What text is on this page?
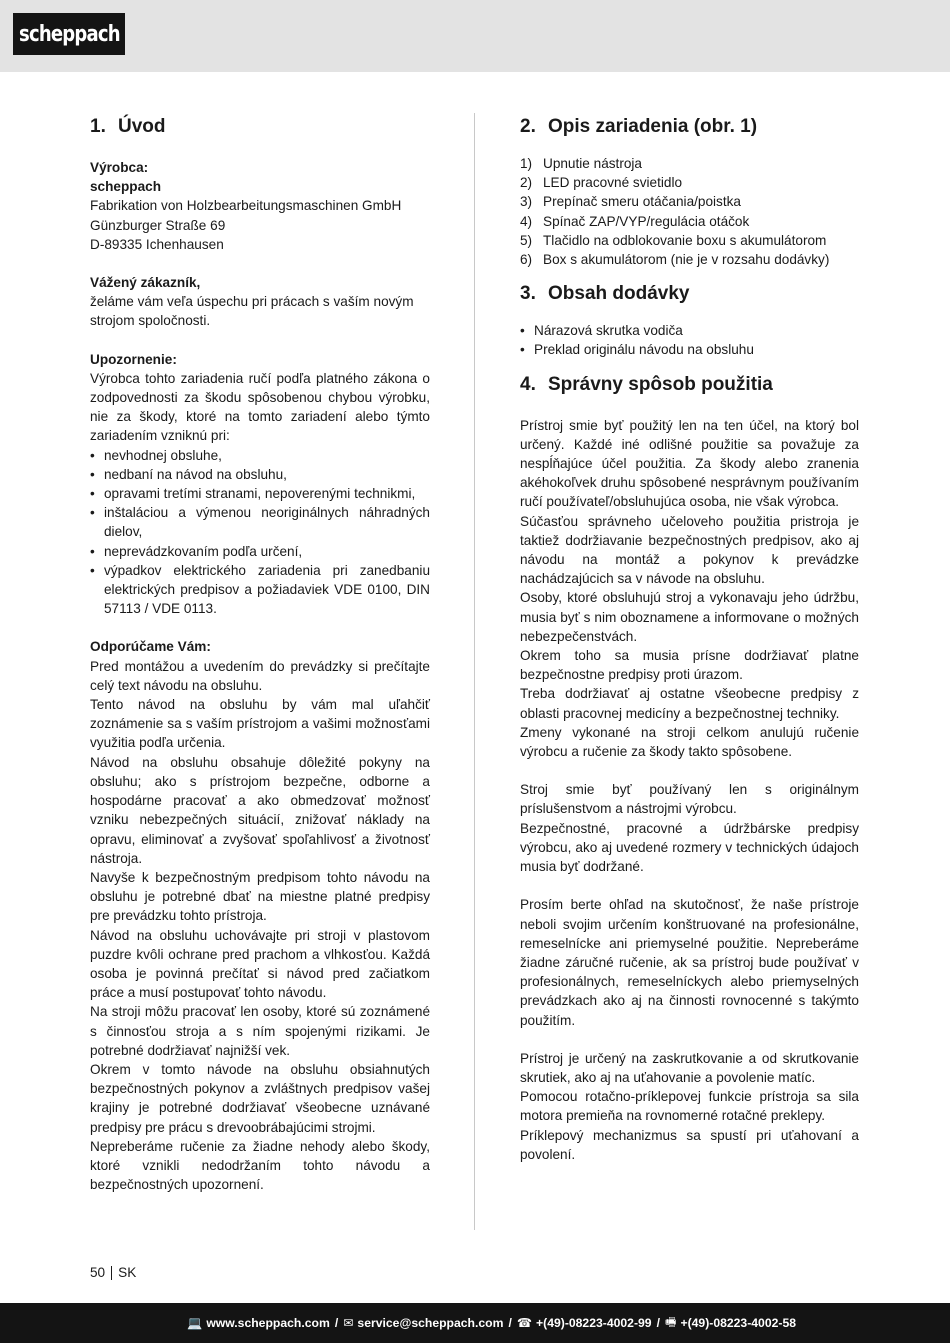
scheppach
1. Úvod

Výrobca:

scheppach

Fabrikation von Holzbearbeitungsmaschinen GmbH

Günzburger Straße 69

D-89335 Ichenhausen

Vážený zákazník,

želáme vám veľa úspechu pri prácach s vaším novým strojom spoločnosti.

Upozornenie:

Výrobca tohto zariadenia ručí podľa platného zákona o zodpovednosti za škodu spôsobenou chybou výrobku, nie za škody, ktoré na tomto zariadení alebo týmto zariadením vzniknú pri:

• nevhodnej obsluhe,
• nedbaní na návod na obsluhu,
• opravami tretími stranami, nepoverenými technikmi,
• inštaláciou a výmenou neoriginálnych náhradných dielov,
• neprevádzkovaním podľa určení,
• výpadkov elektrického zariadenia pri zanedbaniu elektrických predpisov a požiadaviek VDE 0100, DIN 57113 / VDE 0113.

Odporúčame Vám:

Pred montážou a uvedením do prevádzky si prečítajte celý text návodu na obsluhu.

Tento návod na obsluhu by vám mal uľahčiť zoznámenie sa s vaším prístrojom a vašimi možnosťami využitia podľa určenia.

Návod na obsluhu obsahuje dôležité pokyny na obsluhu; ako s prístrojom bezpečne, odborne a hospodárne pracovať a ako obmedzovať možnosť vzniku nebezpečných situácií, znižovať náklady na opravu, eliminovať a zvyšovať spoľahlivosť a životnosť nástroja.

Navyše k bezpečnostným predpisom tohto návodu na obsluhu je potrebné dbať na miestne platné predpisy pre prevádzku tohto prístroja.

Návod na obsluhu uchovávajte pri stroji v plastovom puzdre kvôli ochrane pred prachom a vlhkosťou. Každá osoba je povinná prečítať si návod pred začiatkom práce a musí postupovať tohto návodu.

Na stroji môžu pracovať len osoby, ktoré sú zoznámené s činnosťou stroja a s ním spojenými rizikami. Je potrebné dodržiavať najnižší vek.

Okrem v tomto návode na obsluhu obsiahnutých bezpečnostných pokynov a zvláštnych predpisov vašej krajiny je potrebné dodržiavať všeobecne uznávané predpisy pre prácu s drevoobrábajúcimi strojmi.

Nepreberáme ručenie za žiadne nehody alebo škody, ktoré vznikli nedodržaním tohto návodu a bezpečnostných upozornení.

2. Opis zariadenia (obr. 1)
1) Upnutie nástroja
2) LED pracovné svietidlo
3) Prepínač smeru otáčania/poistka
4) Spínač ZAP/VYP/regulácia otáčok
5) Tlačidlo na odblokovanie boxu s akumulátorom
6) Box s akumulátorom (nie je v rozsahu dodávky)
3. Obsah dodávky
• Nárazová skrutka vodiča
• Preklad originálu návodu na obsluhu
4. Správny spôsob použitia

Prístroj smie byť použitý len na ten účel, na ktorý bol určený. Každé iné odlišné použitie sa považuje za nespĺňajúce účel použitia. Za škody alebo zranenia akéhokoľvek druhu spôsobené nesprávnym používaním ručí používateľ/obsluhujúca osoba, nie však výrobca.

Súčasťou správneho učeloveho použitia pristroja je taktiež dodržiavanie bezpečnostných predpisov, ako aj návodu na montáž a pokynov k prevádzke nachádzajúcich sa v návode na obsluhu.

Osoby, ktoré obsluhujú stroj a vykonavaju jeho údržbu, musia byť s nim oboznamene a informovane o možných nebezpečenstvách.

Okrem toho sa musia prísne dodržiavať platne bezpečnostne predpisy proti úrazom.

Treba dodržiavať aj ostatne všeobecne predpisy z oblasti pracovnej medicíny a bezpečnostnej techniky.

Zmeny vykonané na stroji celkom anulujú ručenie výrobcu a ručenie za škody takto spôsobene.

Stroj smie byť používaný len s originálnym príslušenstvom a nástrojmi výrobcu.

Bezpečnostné, pracovné a údržbárske predpisy výrobcu, ako aj uvedené rozmery v technických údajoch musia byť dodržané.

Prosím berte ohľad na skutočnosť, že naše prístroje neboli svojim určením konštruované na profesionálne, remeselnícke ani priemyselné použitie. Nepreberáme žiadne záručné ručenie, ak sa prístroj bude používať v profesionálnych, remeselníckych alebo priemyselných prevádzkach ako aj na činnosti rovnocenné s takýmto použitím.

Prístroj je určený na zaskrutkovanie a od skrutkovanie skrutiek, ako aj na uťahovanie a povolenie matíc.

Pomocou rotačno-príklepovej funkcie prístroja sa sila motora premieňa na rovnomerné rotačné preklepy.

Príklepový mechanizmus sa spustí pri uťahovaní a povolení.

50 SK
💻 www.scheppach.com / ✉ service@scheppach.com / ☎ +(49)-08223-4002-99 / 🖷 +(49)-08223-4002-58
